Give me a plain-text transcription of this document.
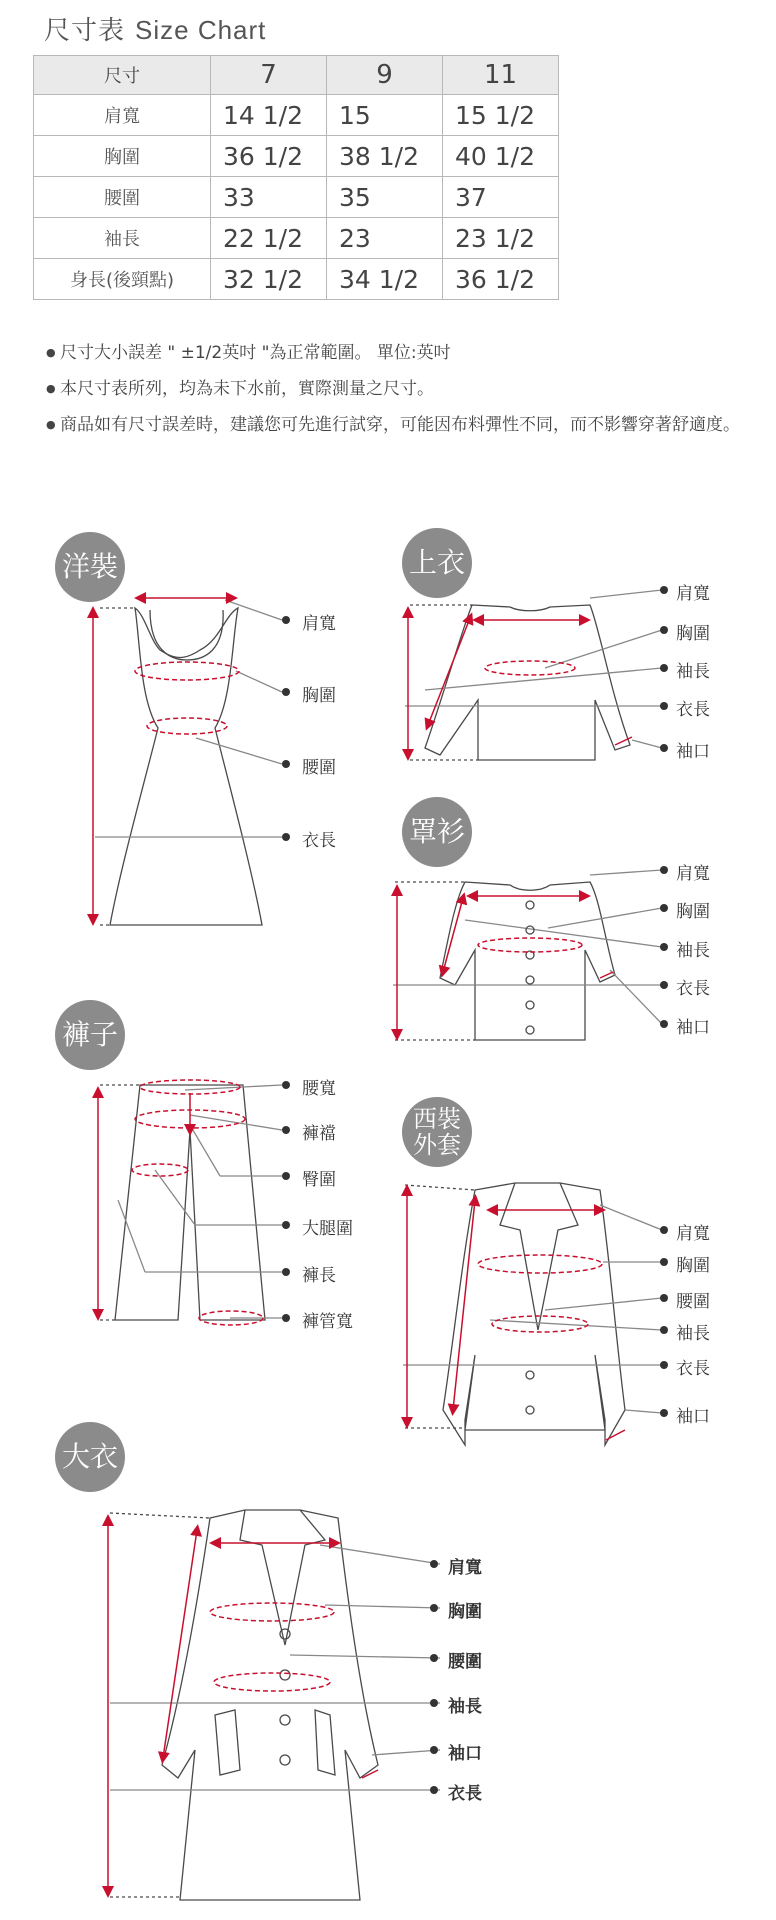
尺寸表 Size Chart
尺寸	7	9	11
肩寬	14 1/2	15	15 1/2
胸圍	36 1/2	38 1/2	40 1/2
腰圍	33	35	37
袖長	22 1/2	23	23 1/2
身長(後頸點)	32 1/2	34 1/2	36 1/2
● 尺寸大小誤差 " ±1/2英吋 "為正常範圍。 單位:英吋
● 本尺寸表所列，均為未下水前，實際測量之尺寸。
● 商品如有尺寸誤差時，建議您可先進行試穿，可能因布料彈性不同，而不影響穿著舒適度。
洋裝	上衣
罩衫
褲子
西裝
外套
大衣
肩寬
胸圍
腰圍
衣長
肩寬
胸圍
袖長
衣長
袖口
肩寬
胸圍
袖長
衣長
袖口
腰寬
褲襠
臀圍
大腿圍
褲長
褲管寬
肩寬
胸圍
腰圍
袖長
衣長
袖口
肩寬
胸圍
腰圍
袖長
袖口
衣長
